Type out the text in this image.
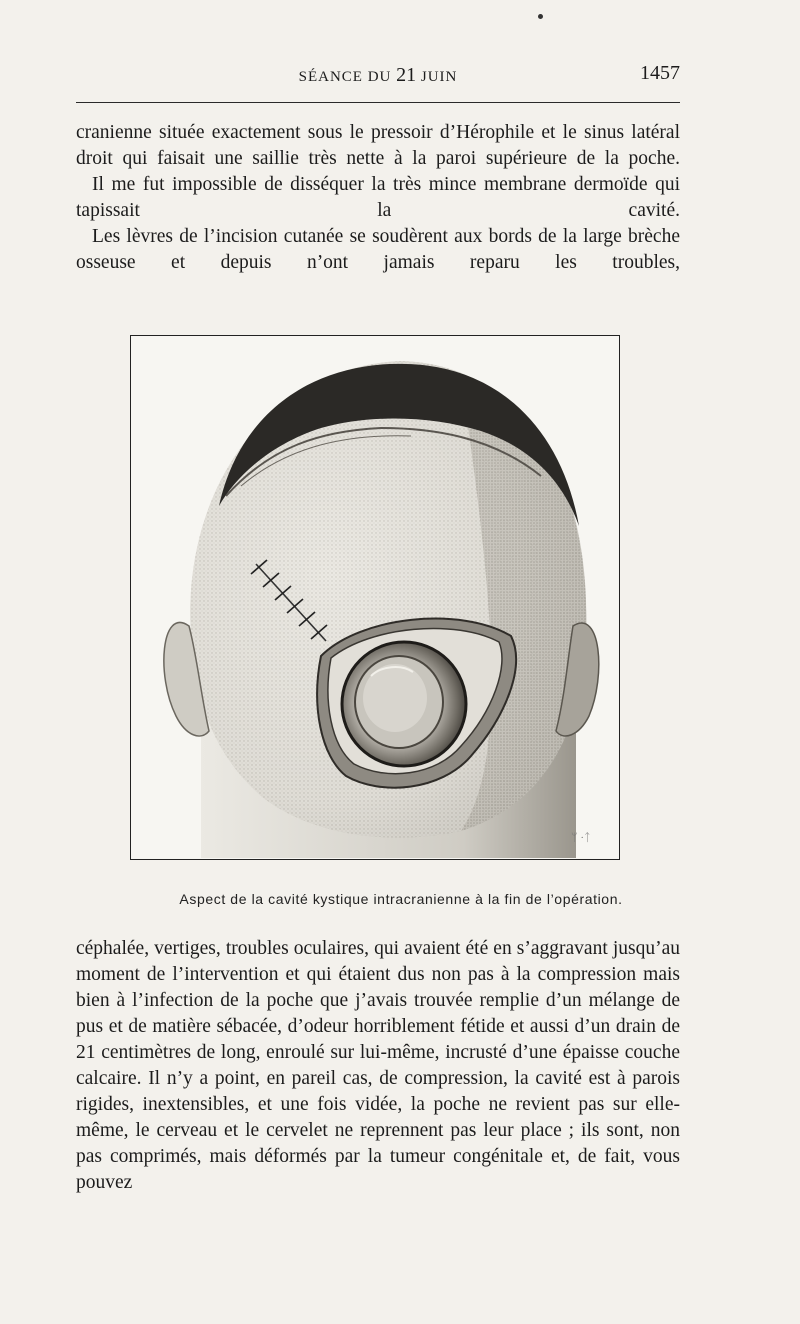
SÉANCE DU 21 JUIN	1457

cranienne située exactement sous le pressoir d’Hérophile et le sinus latéral droit qui faisait une saillie très nette à la paroi supérieure de la poche.

Il me fut impossible de disséquer la très mince membrane dermoïde qui tapissait la cavité.

Les lèvres de l’incision cutanée se soudèrent aux bords de la large brèche osseuse et depuis n’ont jamais reparu les troubles,

ᛘ ·ᛏ
Aspect de la cavité kystique intracranienne à la fin de l’opération.

céphalée, vertiges, troubles oculaires, qui avaient été en s’aggravant jusqu’au moment de l’intervention et qui étaient dus non pas à la compression mais bien à l’infection de la poche que j’avais trouvée remplie d’un mélange de pus et de matière sébacée, d’odeur horriblement fétide et aussi d’un drain de 21 centimètres de long, enroulé sur lui-même, incrusté d’une épaisse couche calcaire. Il n’y a point, en pareil cas, de compression, la cavité est à parois rigides, inextensibles, et une fois vidée, la poche ne revient pas sur elle-même, le cerveau et le cervelet ne reprennent pas leur place ; ils sont, non pas comprimés, mais déformés par la tumeur congénitale et, de fait, vous pouvez
